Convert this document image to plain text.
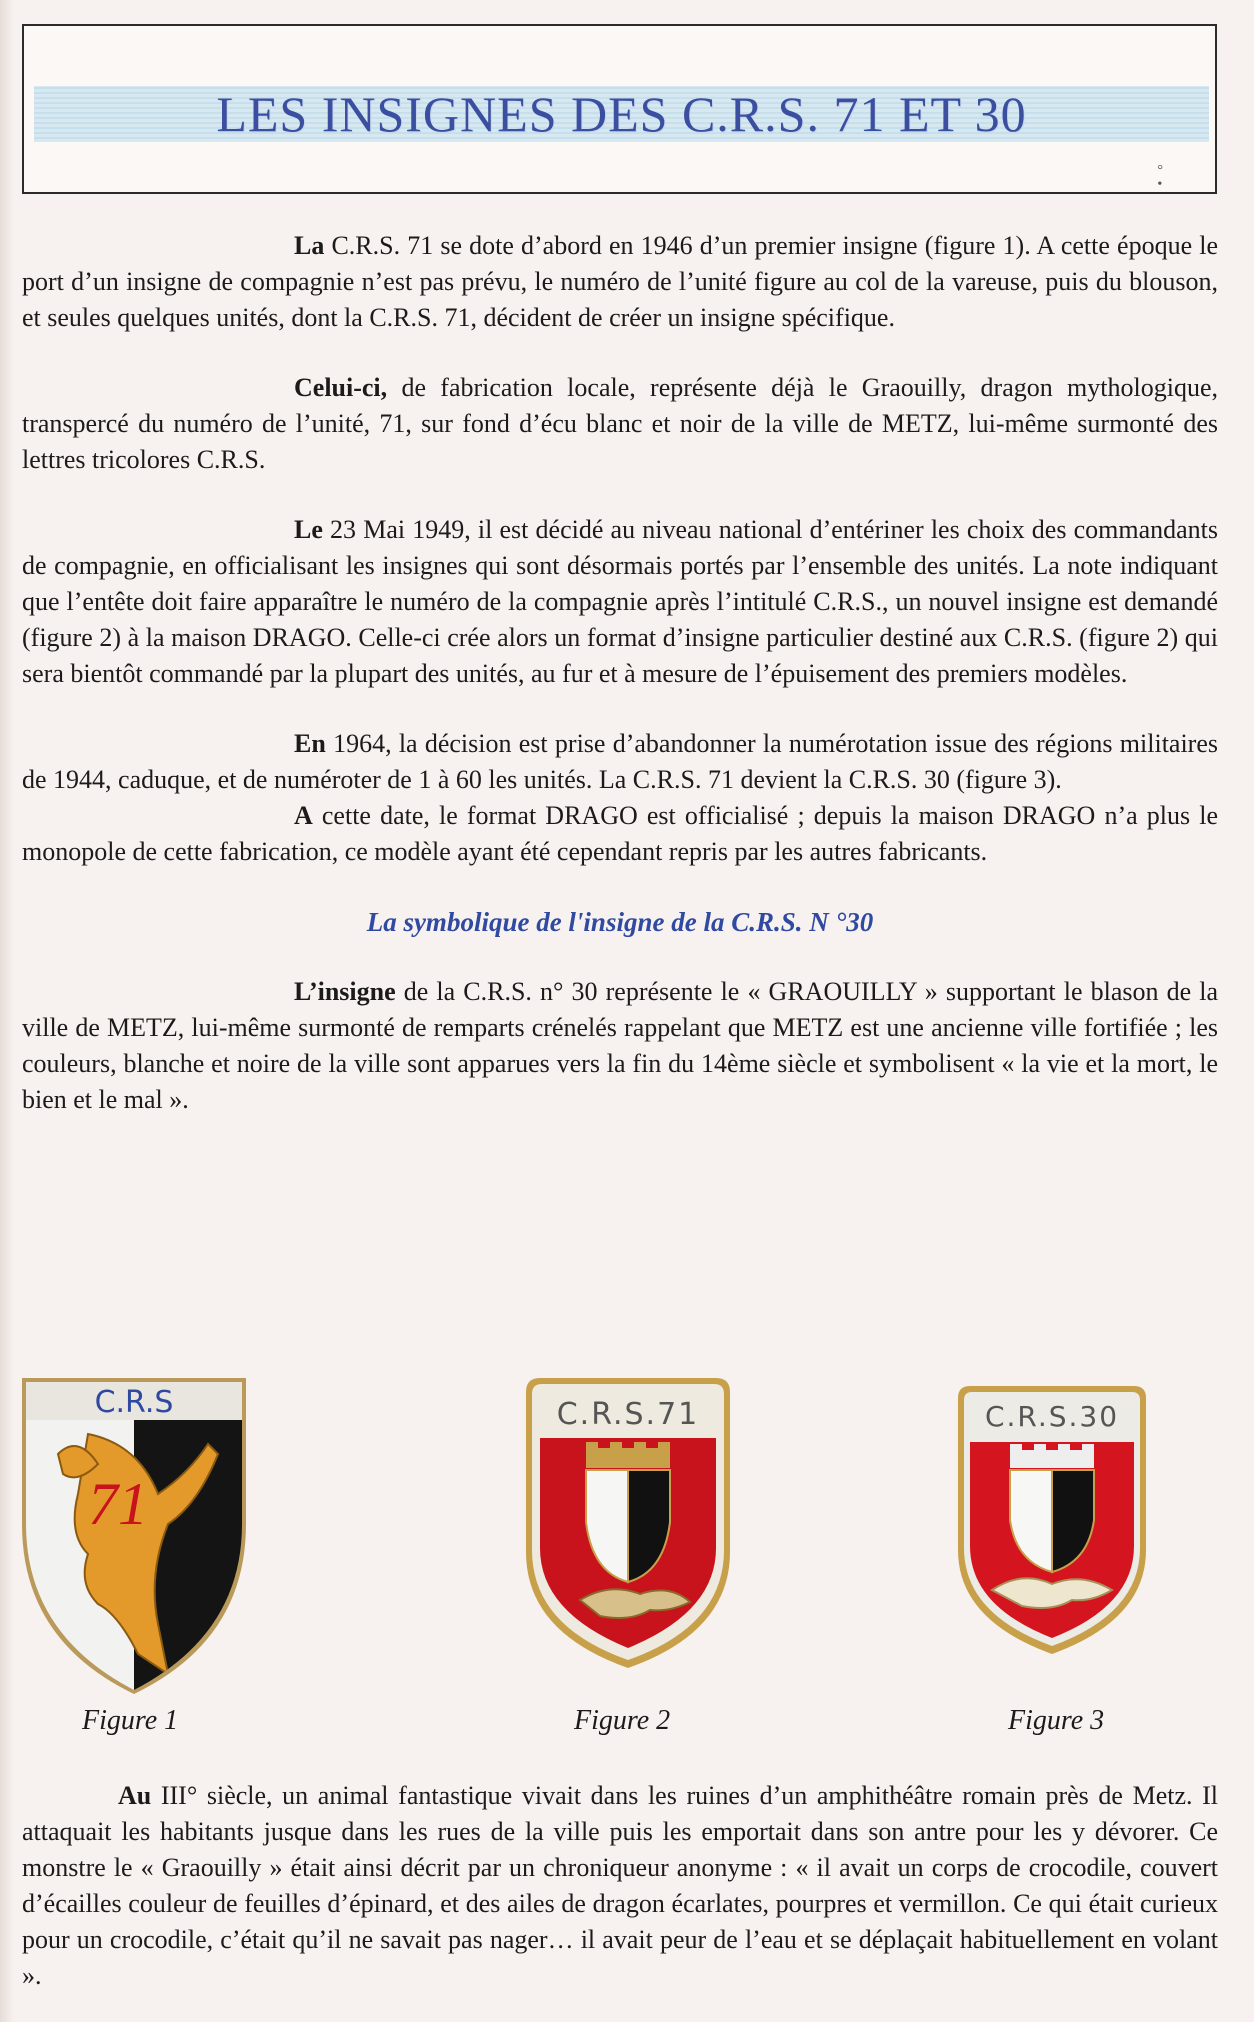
LES INSIGNES DES C.R.S. 71 ET 30
°
•

La C.R.S. 71 se dote d’abord en 1946 d’un premier insigne (figure 1). A cette époque le port d’un insigne de compagnie n’est pas prévu, le numéro de l’unité figure au col de la vareuse, puis du blouson, et seules quelques unités, dont la C.R.S. 71, décident de créer un insigne spécifique.

Celui-ci, de fabrication locale, représente déjà le Graouilly, dragon mythologique, transpercé du numéro de l’unité, 71, sur fond d’écu blanc et noir de la ville de METZ, lui-même surmonté des lettres tricolores C.R.S.

Le 23 Mai 1949, il est décidé au niveau national d’entériner les choix des commandants de compagnie, en officialisant les insignes qui sont désormais portés par l’ensemble des unités. La note indiquant que l’entête doit faire apparaître le numéro de la compagnie après l’intitulé C.R.S., un nouvel insigne est demandé (figure 2) à la maison DRAGO. Celle-ci crée alors un format d’insigne particulier destiné aux C.R.S. (figure 2) qui sera bientôt commandé par la plupart des unités, au fur et à mesure de l’épuisement des premiers modèles.

En 1964, la décision est prise d’abandonner la numérotation issue des régions militaires de 1944, caduque, et de numéroter de 1 à 60 les unités. La C.R.S. 71 devient la C.R.S. 30 (figure 3).

A cette date, le format DRAGO est officialisé ; depuis la maison DRAGO n’a plus le monopole de cette fabrication, ce modèle ayant été cependant repris par les autres fabricants.

La symbolique de l'insigne de la C.R.S. N °30

L’insigne de la C.R.S. n° 30 représente le « GRAOUILLY » supportant le blason de la ville de METZ, lui-même surmonté de remparts crénelés rappelant que METZ est une ancienne ville fortifiée ; les couleurs, blanche et noire de la ville sont apparues vers la fin du 14ème siècle et symbolisent « la vie et la mort, le bien et le mal ».

C.R.S
71
Figure 1
C.R.S.71
Figure 2
C.R.S.30
Figure 3

Au III° siècle, un animal fantastique vivait dans les ruines d’un amphithéâtre romain près de Metz. Il attaquait les habitants jusque dans les rues de la ville puis les emportait dans son antre pour les y dévorer. Ce monstre le « Graouilly » était ainsi décrit par un chroniqueur anonyme : « il avait un corps de crocodile, couvert d’écailles couleur de feuilles d’épinard, et des ailes de dragon écarlates, pourpres et vermillon. Ce qui était curieux pour un crocodile, c’était qu’il ne savait pas nager… il avait peur de l’eau et se déplaçait habituellement en volant ».
